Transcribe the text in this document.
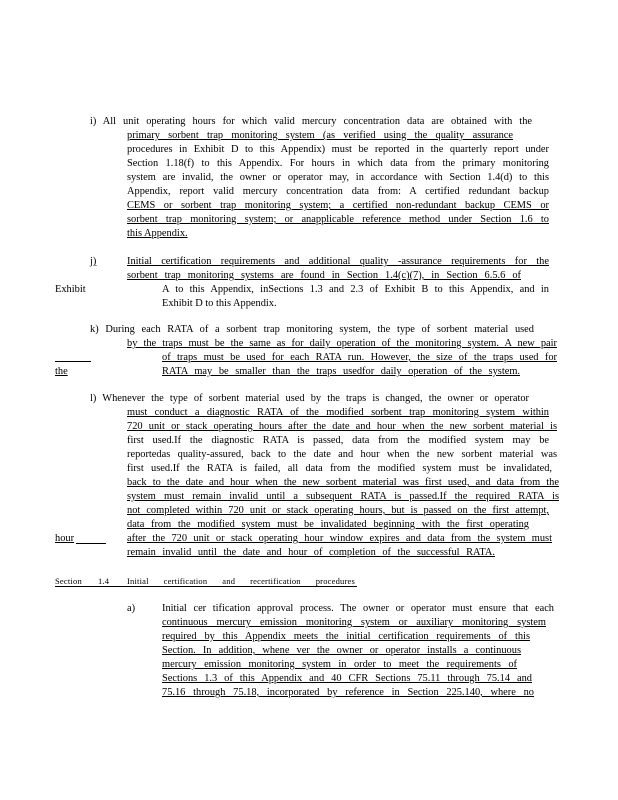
i) All unit operating hours for which valid mercury concentration data are obtained with the
primary sorbent trap monitoring system (as verified using the quality assurance
procedures in Exhibit D to this Appendix) must be reported in the quarterly report under
Section 1.18(f) to this Appendix. For hours in which data from the primary monitoring
system are invalid, the owner or operator may, in accordance with Section 1.4(d) to this
Appendix, report valid mercury concentration data from: A certified redundant backup
CEMS or sorbent trap monitoring system; a certified non-redundant backup CEMS or
sorbent trap monitoring system; or anapplicable reference method under Section 1.6 to
this Appendix.
j)	Initial certification requirements and additional quality -assurance requirements for the
sorbent trap monitoring systems are found in Section 1.4(c)(7), in Section 6.5.6 of
Exhibit	A to this Appendix, inSections 1.3 and 2.3 of Exhibit B to this Appendix, and in
Exhibit D to this Appendix.
k) During each RATA of a sorbent trap monitoring system, the type of sorbent material used
by the traps must be the same as for daily operation of the monitoring system. A new pair
of traps must be used for each RATA run. However, the size of the traps used for
the	RATA may be smaller than the traps usedfor daily operation of the system.
l) Whenever the type of sorbent material used by the traps is changed, the owner or operator
must conduct a diagnostic RATA of the modified sorbent trap monitoring system within
720 unit or stack operating hours after the date and hour when the new sorbent material is
first used.If the diagnostic RATA is passed, data from the modified system may be
reportedas quality-assured, back to the date and hour when the new sorbent material was
first used.If the RATA is failed, all data from the modified system must be invalidated,
back to the date and hour when the new sorbent material was first used, and data from the
system must remain invalid until a subsequent RATA is passed.If the required RATA is
not completed within 720 unit or stack operating hours, but is passed on the first attempt,
data from the modified system must be invalidated beginning with the first operating
hour	after the 720 unit or stack operating hour window expires and data from the system must
remain invalid until the date and hour of completion of the successful RATA.
Section 1.4 Initial certification and recertification procedures
a)	Initial cer tification approval process. The owner or operator must ensure that each
continuous mercury emission monitoring system or auxiliary monitoring system
required by this Appendix meets the initial certification requirements of this
Section. In addition, whene ver the owner or operator installs a continuous
mercury emission monitoring system in order to meet the requirements of
Sections 1.3 of this Appendix and 40 CFR Sections 75.11 through 75.14 and
75.16 through 75.18, incorporated by reference in Section 225.140, where no
